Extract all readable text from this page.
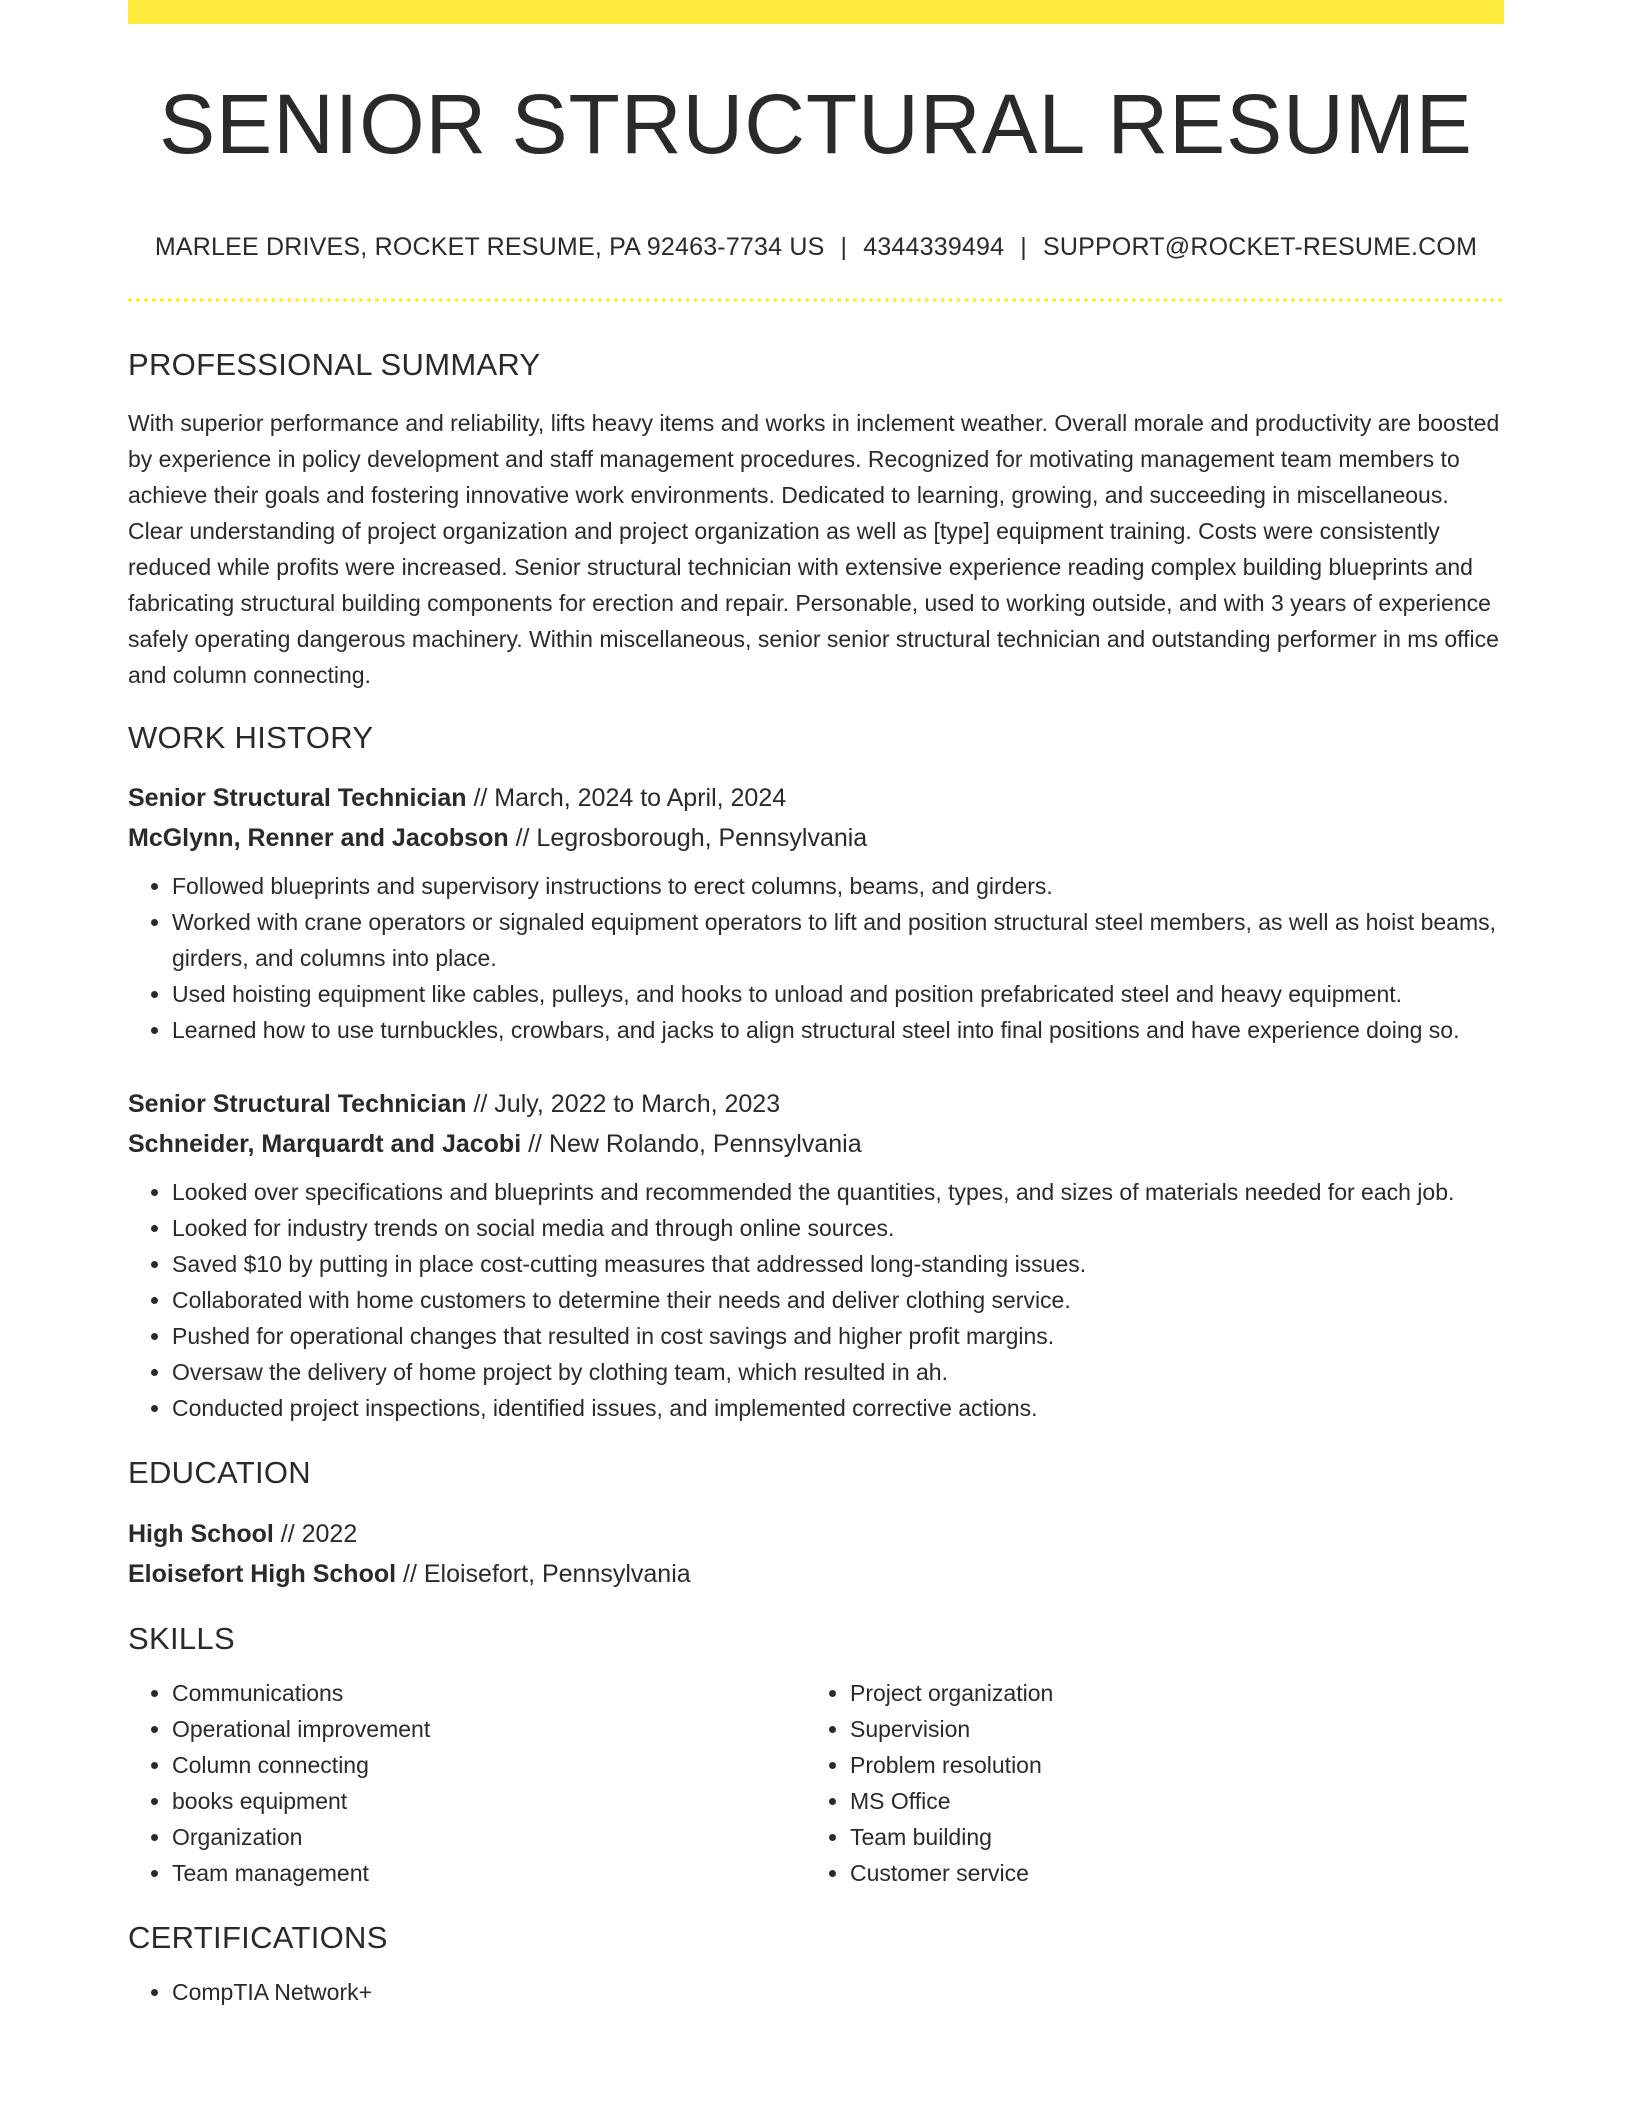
SENIOR STRUCTURAL RESUME
MARLEE DRIVES, ROCKET RESUME, PA 92463-7734 US | 4344339494 | SUPPORT@ROCKET-RESUME.COM
PROFESSIONAL SUMMARY
With superior performance and reliability, lifts heavy items and works in inclement weather. Overall morale and productivity are boosted by experience in policy development and staff management procedures. Recognized for motivating management team members to achieve their goals and fostering innovative work environments. Dedicated to learning, growing, and succeeding in miscellaneous. Clear understanding of project organization and project organization as well as [type] equipment training. Costs were consistently reduced while profits were increased. Senior structural technician with extensive experience reading complex building blueprints and fabricating structural building components for erection and repair. Personable, used to working outside, and with 3 years of experience safely operating dangerous machinery. Within miscellaneous, senior senior structural technician and outstanding performer in ms office and column connecting.
WORK HISTORY
Senior Structural Technician // March, 2024 to April, 2024
McGlynn, Renner and Jacobson // Legrosborough, Pennsylvania
• Followed blueprints and supervisory instructions to erect columns, beams, and girders.
• Worked with crane operators or signaled equipment operators to lift and position structural steel members, as well as hoist beams, girders, and columns into place.
• Used hoisting equipment like cables, pulleys, and hooks to unload and position prefabricated steel and heavy equipment.
• Learned how to use turnbuckles, crowbars, and jacks to align structural steel into final positions and have experience doing so.
Senior Structural Technician // July, 2022 to March, 2023
Schneider, Marquardt and Jacobi // New Rolando, Pennsylvania
• Looked over specifications and blueprints and recommended the quantities, types, and sizes of materials needed for each job.
• Looked for industry trends on social media and through online sources.
• Saved $10 by putting in place cost-cutting measures that addressed long-standing issues.
• Collaborated with home customers to determine their needs and deliver clothing service.
• Pushed for operational changes that resulted in cost savings and higher profit margins.
• Oversaw the delivery of home project by clothing team, which resulted in ah.
• Conducted project inspections, identified issues, and implemented corrective actions.
EDUCATION
High School // 2022
Eloisefort High School // Eloisefort, Pennsylvania
SKILLS
• Communications
• Operational improvement
• Column connecting
• books equipment
• Organization
• Team management
• Project organization
• Supervision
• Problem resolution
• MS Office
• Team building
• Customer service
CERTIFICATIONS
• CompTIA Network+
